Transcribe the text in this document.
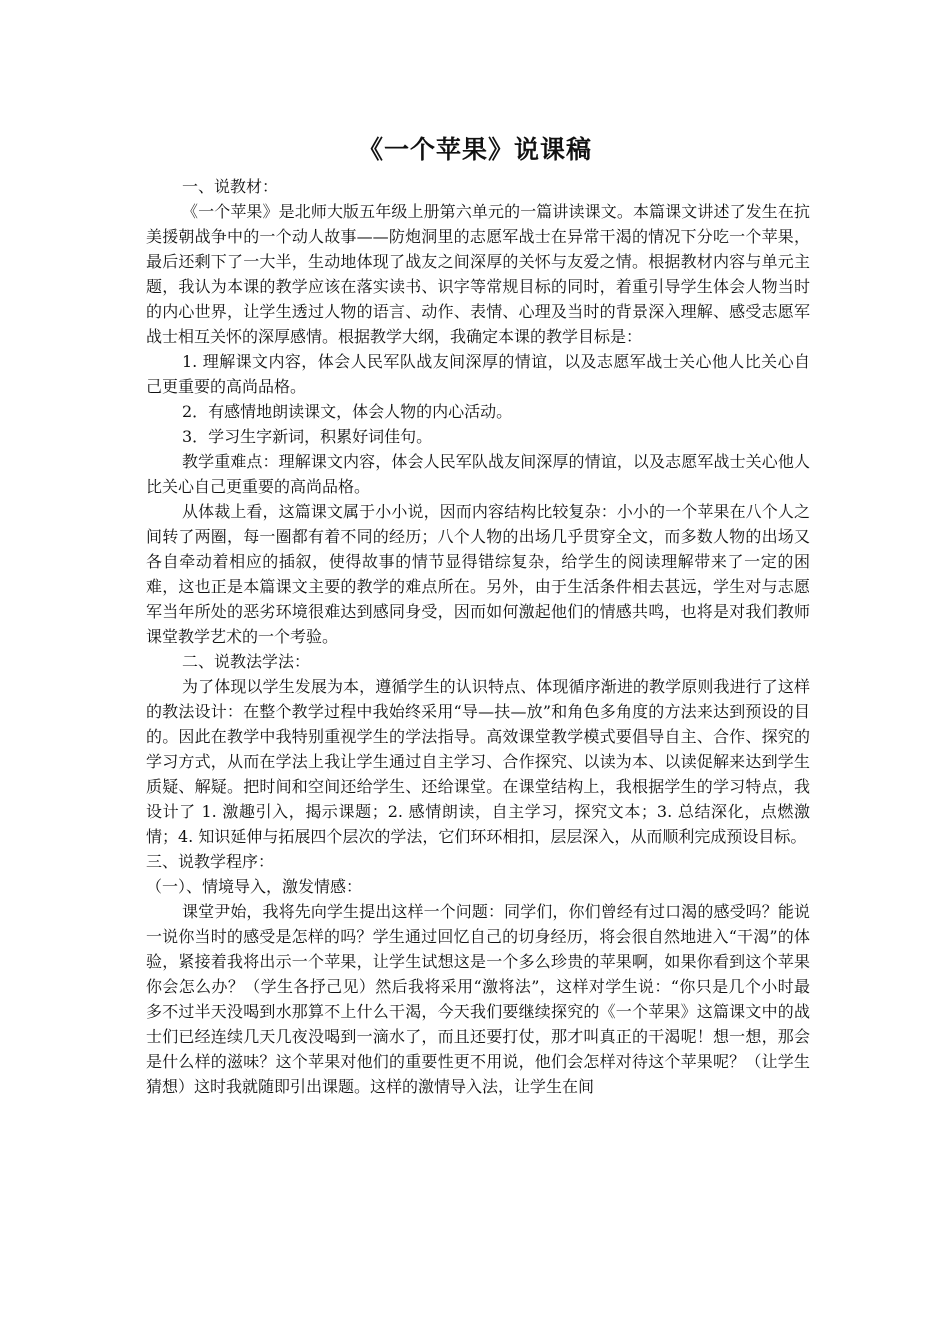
《一个苹果》说课稿

一、说教材：

《一个苹果》是北师大版五年级上册第六单元的一篇讲读课文。本篇课文讲述了发生在抗美援朝战争中的一个动人故事——防炮洞里的志愿军战士在异常干渴的情况下分吃一个苹果，最后还剩下了一大半，生动地体现了战友之间深厚的关怀与友爱之情。根据教材内容与单元主题，我认为本课的教学应该在落实读书、识字等常规目标的同时，着重引导学生体会人物当时的内心世界，让学生透过人物的语言、动作、表情、心理及当时的背景深入理解、感受志愿军战士相互关怀的深厚感情。根据教学大纲，我确定本课的教学目标是：

1. 理解课文内容，体会人民军队战友间深厚的情谊，以及志愿军战士关心他人比关心自己更重要的高尚品格。

2．有感情地朗读课文，体会人物的内心活动。

3．学习生字新词，积累好词佳句。

教学重难点：理解课文内容，体会人民军队战友间深厚的情谊，以及志愿军战士关心他人比关心自己更重要的高尚品格。

从体裁上看，这篇课文属于小小说，因而内容结构比较复杂：小小的一个苹果在八个人之间转了两圈，每一圈都有着不同的经历；八个人物的出场几乎贯穿全文，而多数人物的出场又各自牵动着相应的插叙，使得故事的情节显得错综复杂，给学生的阅读理解带来了一定的困难，这也正是本篇课文主要的教学的难点所在。另外，由于生活条件相去甚远，学生对与志愿军当年所处的恶劣环境很难达到感同身受，因而如何激起他们的情感共鸣，也将是对我们教师课堂教学艺术的一个考验。

二、说教法学法：

为了体现以学生发展为本，遵循学生的认识特点、体现循序渐进的教学原则我进行了这样的教法设计：在整个教学过程中我始终采用“导—扶—放”和角色多角度的方法来达到预设的目的。因此在教学中我特别重视学生的学法指导。高效课堂教学模式要倡导自主、合作、探究的学习方式，从而在学法上我让学生通过自主学习、合作探究、以读为本、以读促解来达到学生质疑、解疑。把时间和空间还给学生、还给课堂。在课堂结构上，我根据学生的学习特点，我设计了 1. 激趣引入，揭示课题；2. 感情朗读，自主学习，探究文本；3. 总结深化，点燃激情；4. 知识延伸与拓展四个层次的学法，它们环环相扣，层层深入，从而顺利完成预设目标。

三、说教学程序：

（一）、情境导入，激发情感：

课堂尹始，我将先向学生提出这样一个问题：同学们，你们曾经有过口渴的感受吗？能说一说你当时的感受是怎样的吗？学生通过回忆自己的切身经历，将会很自然地进入“干渴”的体验，紧接着我将出示一个苹果，让学生试想这是一个多么珍贵的苹果啊，如果你看到这个苹果你会怎么办？（学生各抒己见）然后我将采用“激将法”，这样对学生说：“你只是几个小时最多不过半天没喝到水那算不上什么干渴，今天我们要继续探究的《一个苹果》这篇课文中的战士们已经连续几天几夜没喝到一滴水了，而且还要打仗，那才叫真正的干渴呢！想一想，那会是什么样的滋味？这个苹果对他们的重要性更不用说，他们会怎样对待这个苹果呢？（让学生猜想）这时我就随即引出课题。这样的激情导入法，让学生在间
